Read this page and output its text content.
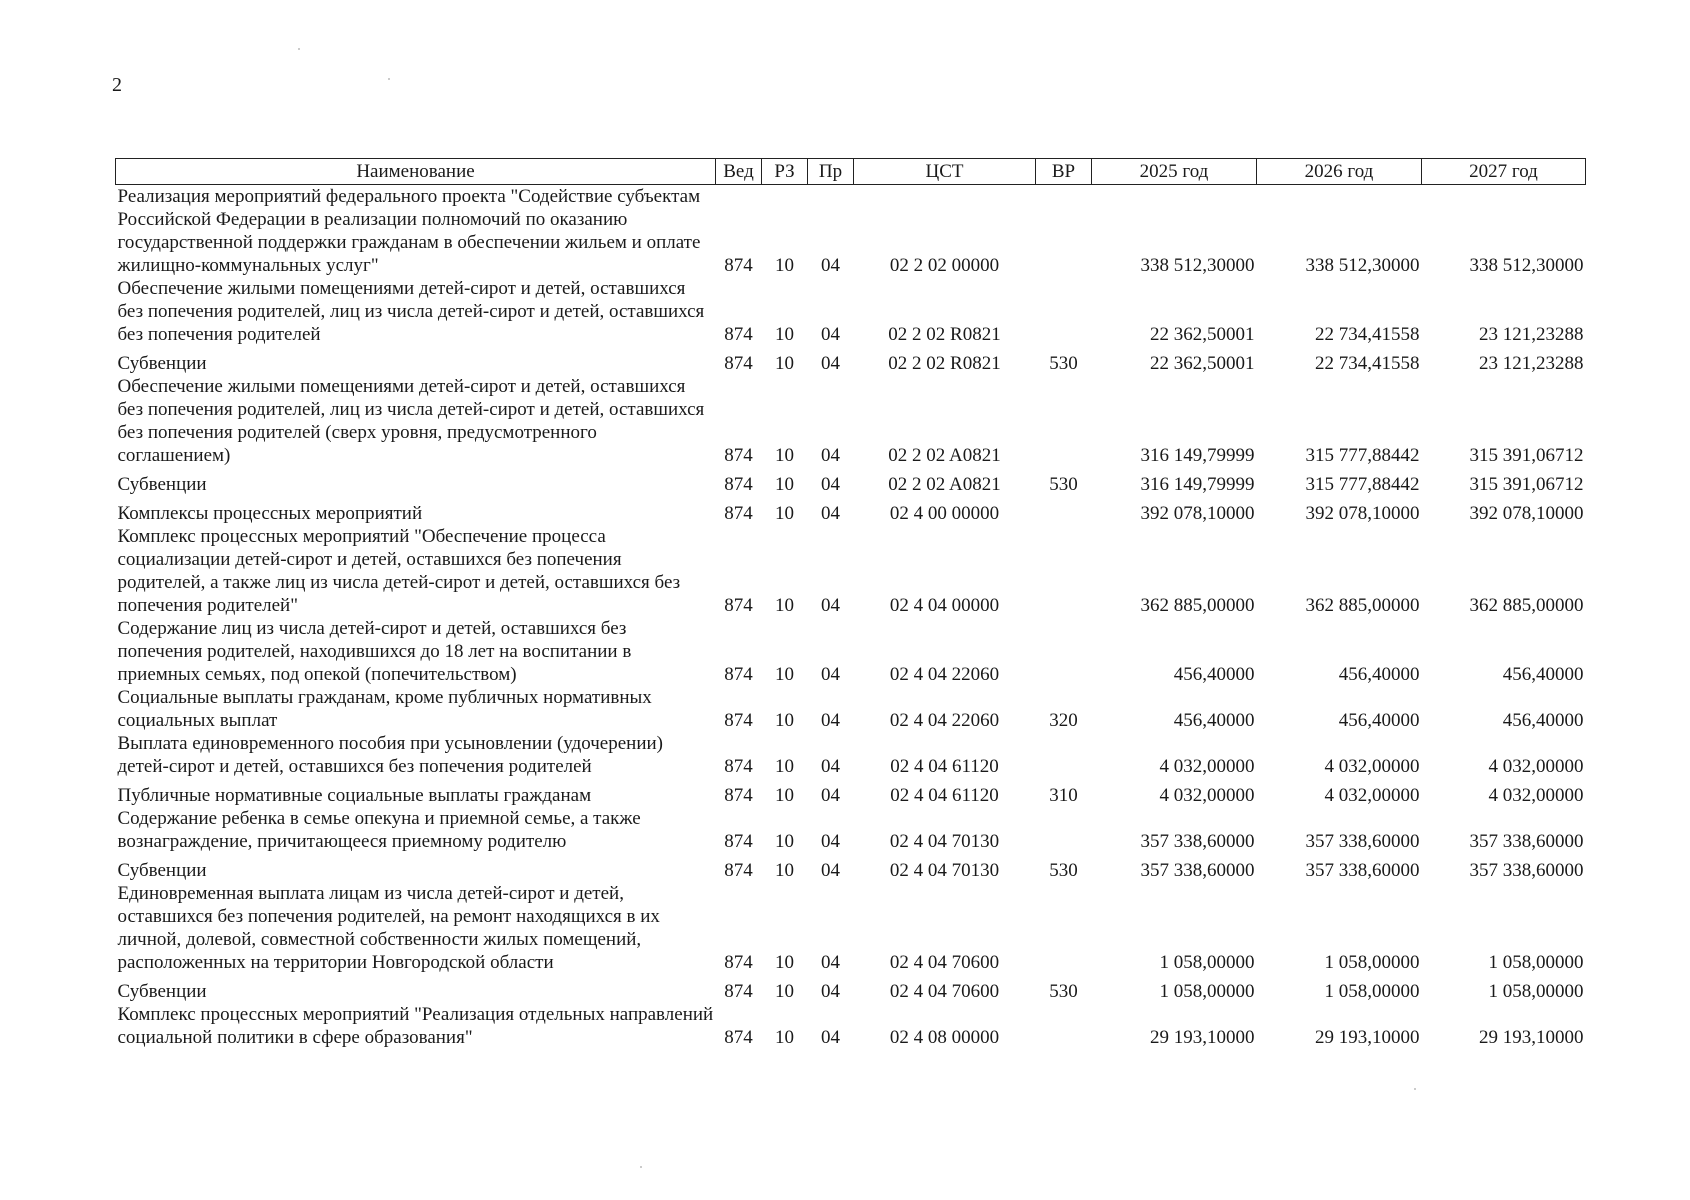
2
Наименование	Вед	РЗ	Пр	ЦСТ	ВР	2025 год	2026 год	2027 год
Реализация мероприятий федерального проекта "Содействие субъектам Российской Федерации в реализации полномочий по оказанию государственной поддержки гражданам в обеспечении жильем и оплате жилищно-коммунальных услуг"	874	10	04	02 2 02 00000		338 512,30000	338 512,30000	338 512,30000
Обеспечение жилыми помещениями детей-сирот и детей, оставшихся без попечения родителей, лиц из числа детей-сирот и детей, оставшихся без попечения родителей	874	10	04	02 2 02 R0821		22 362,50001	22 734,41558	23 121,23288
Субвенции	874	10	04	02 2 02 R0821	530	22 362,50001	22 734,41558	23 121,23288
Обеспечение жилыми помещениями детей-сирот и детей, оставшихся без попечения родителей, лиц из числа детей-сирот и детей, оставшихся без попечения родителей (сверх уровня, предусмотренного соглашением)	874	10	04	02 2 02 A0821		316 149,79999	315 777,88442	315 391,06712
Субвенции	874	10	04	02 2 02 A0821	530	316 149,79999	315 777,88442	315 391,06712
Комплексы процессных мероприятий	874	10	04	02 4 00 00000		392 078,10000	392 078,10000	392 078,10000
Комплекс процессных мероприятий "Обеспечение процесса социализации детей-сирот и детей, оставшихся без попечения родителей, а также лиц из числа детей-сирот и детей, оставшихся без попечения родителей"	874	10	04	02 4 04 00000		362 885,00000	362 885,00000	362 885,00000
Содержание лиц из числа детей-сирот и детей, оставшихся без попечения родителей, находившихся до 18 лет на воспитании в приемных семьях, под опекой (попечительством)	874	10	04	02 4 04 22060		456,40000	456,40000	456,40000
Социальные выплаты гражданам, кроме публичных нормативных социальных выплат	874	10	04	02 4 04 22060	320	456,40000	456,40000	456,40000
Выплата единовременного пособия при усыновлении (удочерении) детей-сирот и детей, оставшихся без попечения родителей	874	10	04	02 4 04 61120		4 032,00000	4 032,00000	4 032,00000
Публичные нормативные социальные выплаты гражданам	874	10	04	02 4 04 61120	310	4 032,00000	4 032,00000	4 032,00000
Содержание ребенка в семье опекуна и приемной семье, а также вознаграждение, причитающееся приемному родителю	874	10	04	02 4 04 70130		357 338,60000	357 338,60000	357 338,60000
Субвенции	874	10	04	02 4 04 70130	530	357 338,60000	357 338,60000	357 338,60000
Единовременная выплата лицам из числа детей-сирот и детей, оставшихся без попечения родителей, на ремонт находящихся в их личной, долевой, совместной собственности жилых помещений, расположенных на территории Новгородской области	874	10	04	02 4 04 70600		1 058,00000	1 058,00000	1 058,00000
Субвенции	874	10	04	02 4 04 70600	530	1 058,00000	1 058,00000	1 058,00000
Комплекс процессных мероприятий "Реализация отдельных направлений социальной политики в сфере образования"	874	10	04	02 4 08 00000		29 193,10000	29 193,10000	29 193,10000
